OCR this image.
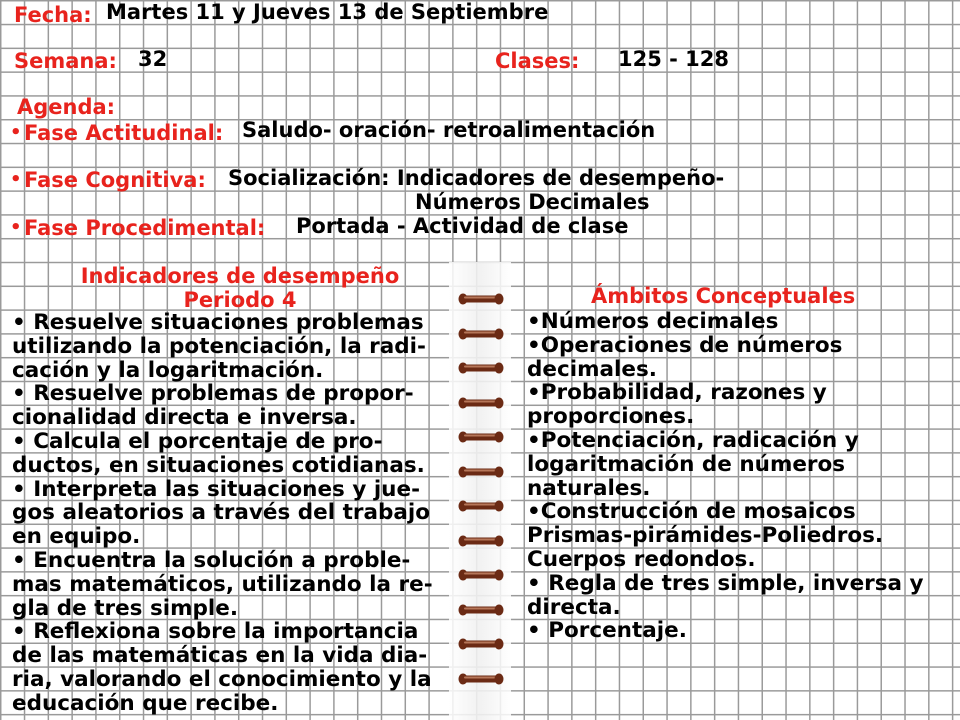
Fecha: Martes 11 y Jueves 13 de Septiembre
Semana: 32	Clases: 125 - 128
Agenda:
• Fase Actitudinal: Saludo- oración- retroalimentación
• Fase Cognitiva: Socialización: Indicadores de desempeño-
Números Decimales
• Fase Procedimental: Portada - Actividad de clase
Indicadores de desempeño
Periodo 4
• Resuelve situaciones problemas
utilizando la potenciación, la radi-
cación y la logaritmación.
• Resuelve problemas de propor-
cionalidad directa e inversa.
• Calcula el porcentaje de pro-
ductos, en situaciones cotidianas.
• Interpreta las situaciones y jue-
gos aleatorios a través del trabajo
en equipo.
• Encuentra la solución a proble-
mas matemáticos, utilizando la re-
gla de tres simple.
• Reflexiona sobre la importancia
de las matemáticas en la vida dia-
ria, valorando el conocimiento y la
educación que recibe.
Ámbitos Conceptuales
•Números decimales
•Operaciones de números
decimales.
•Probabilidad, razones y
proporciones.
•Potenciación, radicación y
logaritmación de números
naturales.
•Construcción de mosaicos
Prismas-pirámides-Poliedros.
Cuerpos redondos.
• Regla de tres simple, inversa y
directa.
• Porcentaje.
